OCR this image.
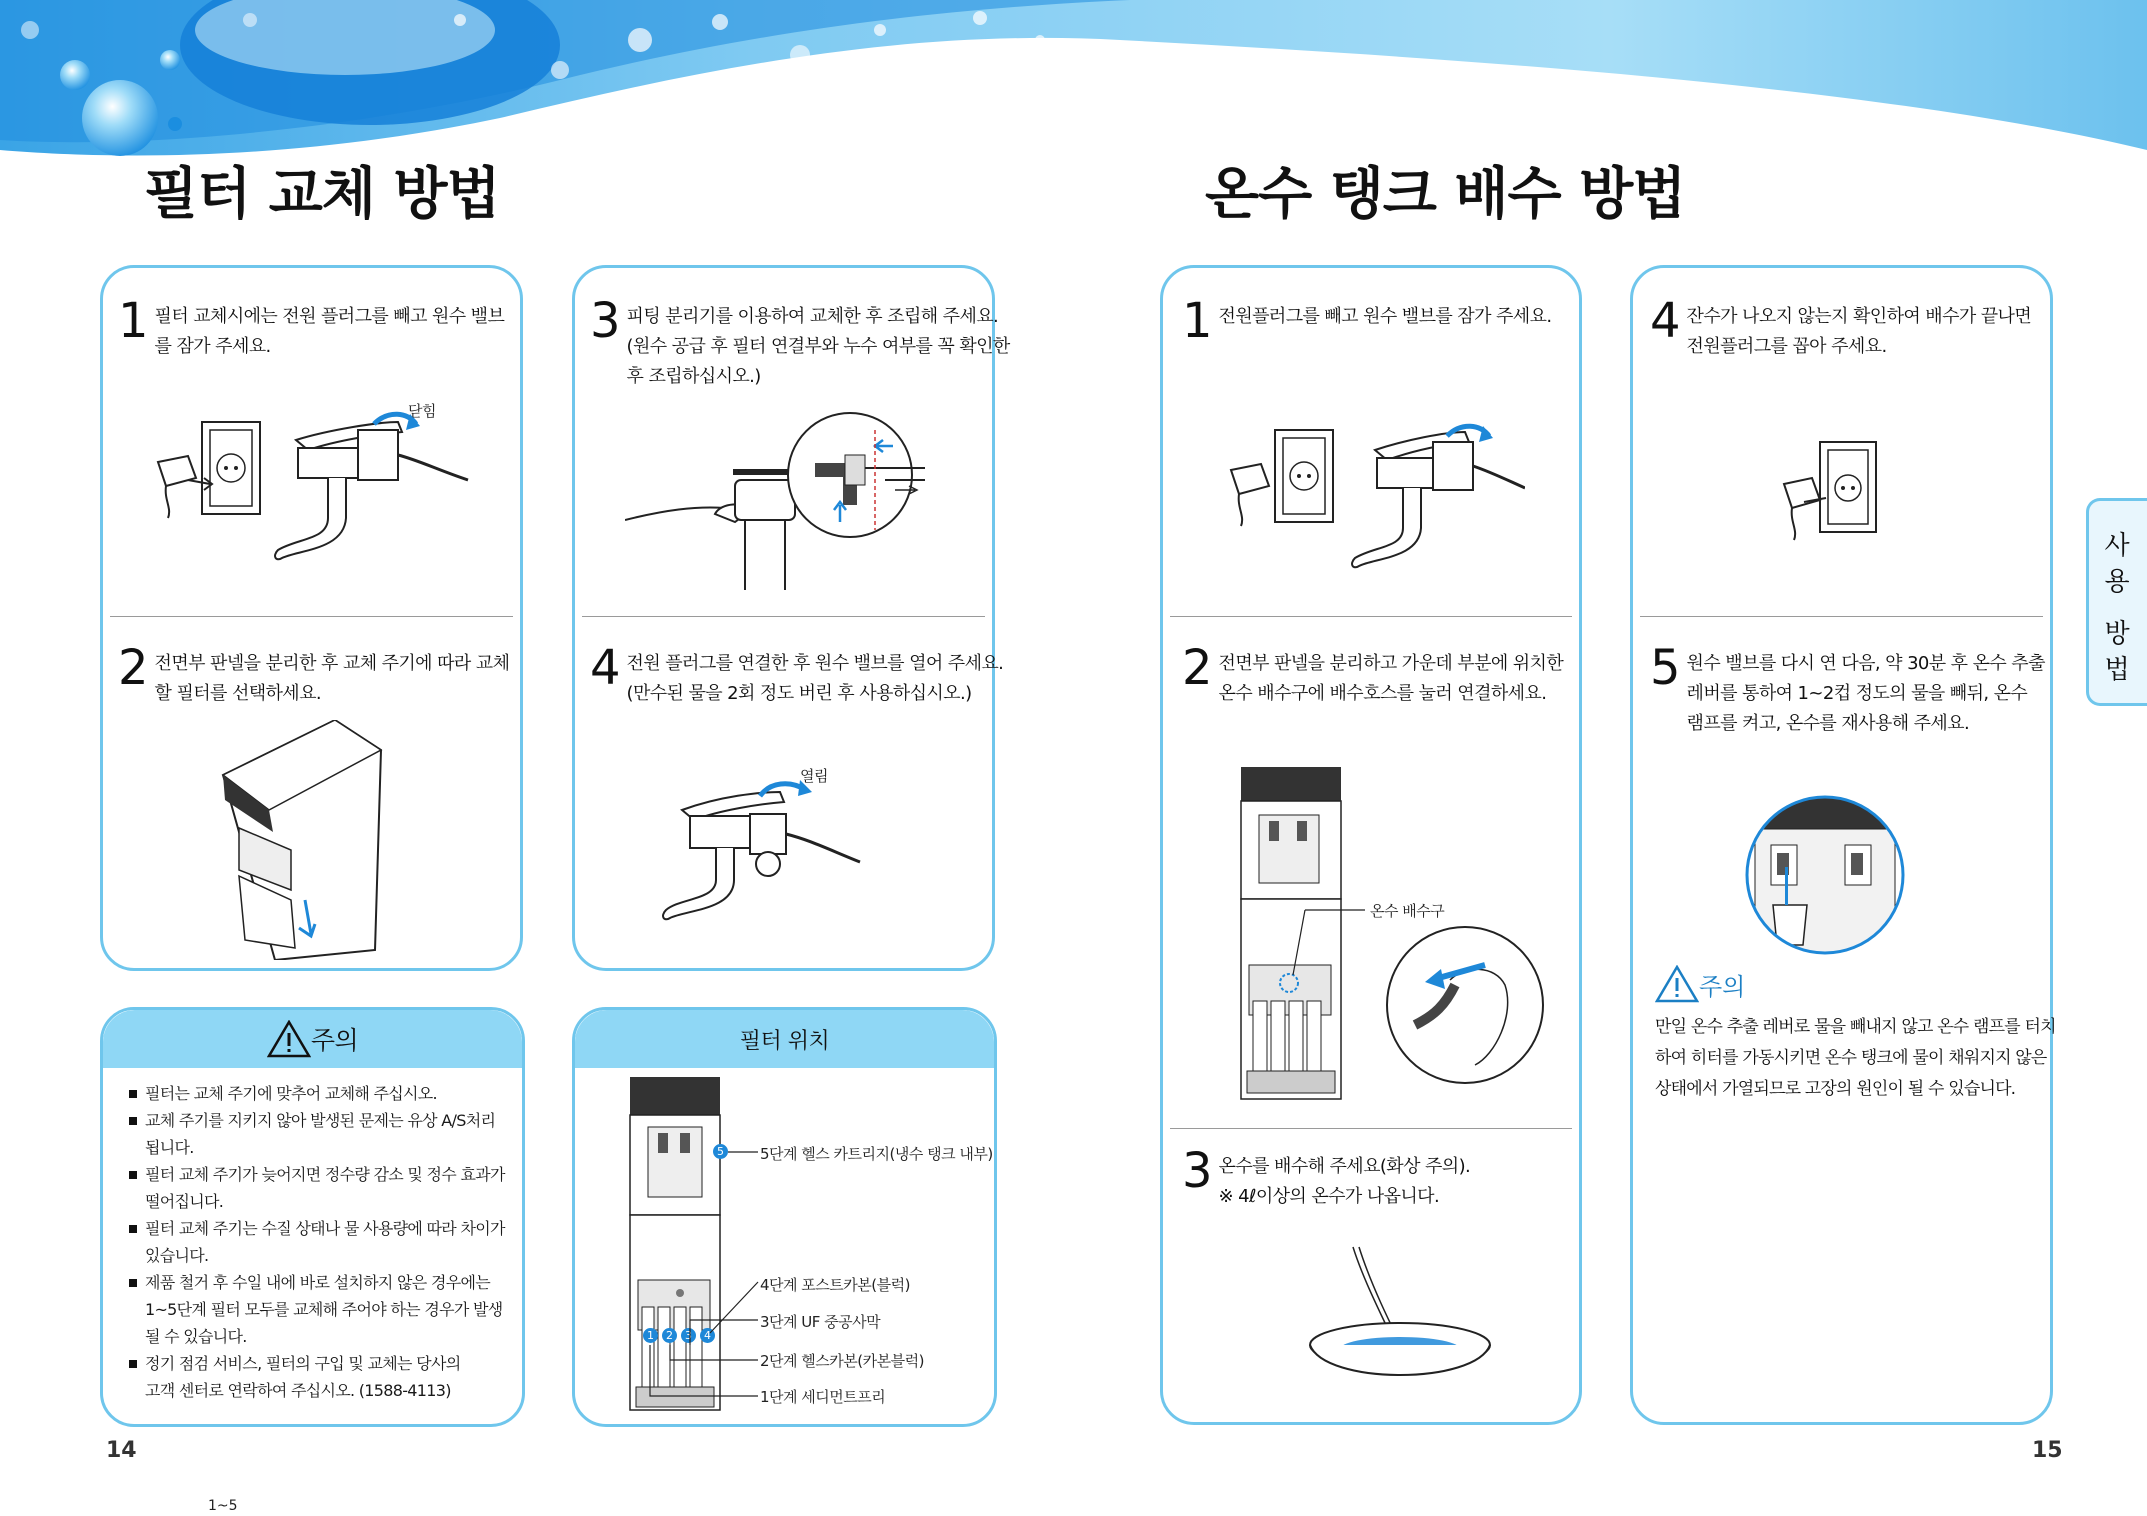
필터 교체 방법	온수 탱크 배수 방법
1 필터 교체시에는 전원 플러그를 빼고 원수 밸브
를 잠가 주세요.
닫힘
2 전면부 판넬을 분리한 후 교체 주기에 따라 교체
할 필터를 선택하세요.
3 피팅 분리기를 이용하여 교체한 후 조립해 주세요.
(원수 공급 후 필터 연결부와 누수 여부를 꼭 확인한
후 조립하십시오.)
4 전원 플러그를 연결한 후 원수 밸브를 열어 주세요.
(만수된 물을 2회 정도 버린 후 사용하십시오.)
열림
주의
필터는 교체 주기에 맞추어 교체해 주십시오.
교체 주기를 지키지 않아 발생된 문제는 유상 A/S처리
됩니다.
필터 교체 주기가 늦어지면 정수량 감소 및 정수 효과가
떨어집니다.
필터 교체 주기는 수질 상태나 물 사용량에 따라 차이가
있습니다.
제품 철거 후 수일 내에 바로 설치하지 않은 경우에는
1~5단계 필터 모두를 교체해 주어야 하는 경우가 발생
될 수 있습니다.
정기 점검 서비스, 필터의 구입 및 교체는 당사의
고객 센터로 연락하여 주십시오. (1588-4113)
필터 위치
5
1	2	3	4
5단계 헬스 카트리지(냉수 탱크 내부)
4단계 포스트카본(블럭)
3단계 UF 중공사막
2단계 헬스카본(카본블럭)
1단계 세디먼트프리
1 전원플러그를 빼고 원수 밸브를 잠가 주세요.
2 전면부 판넬을 분리하고 가운데 부분에 위치한
온수 배수구에 배수호스를 눌러 연결하세요.
온수 배수구
3 온수를 배수해 주세요(화상 주의).
※ 4ℓ이상의 온수가 나옵니다.
4 잔수가 나오지 않는지 확인하여 배수가 끝나면
전원플러그를 꼽아 주세요.
5 원수 밸브를 다시 연 다음, 약 30분 후 온수 추출
레버를 통하여 1~2컵 정도의 물을 빼뒤, 온수
램프를 켜고, 온수를 재사용해 주세요.
주의
만일 온수 추출 레버로 물을 빼내지 않고 온수 램프를 터치
하여 히터를 가동시키면 온수 탱크에 물이 채워지지 않은
상태에서 가열되므로 고장의 원인이 될 수 있습니다.
사
용
방
법
14	15
1~5
